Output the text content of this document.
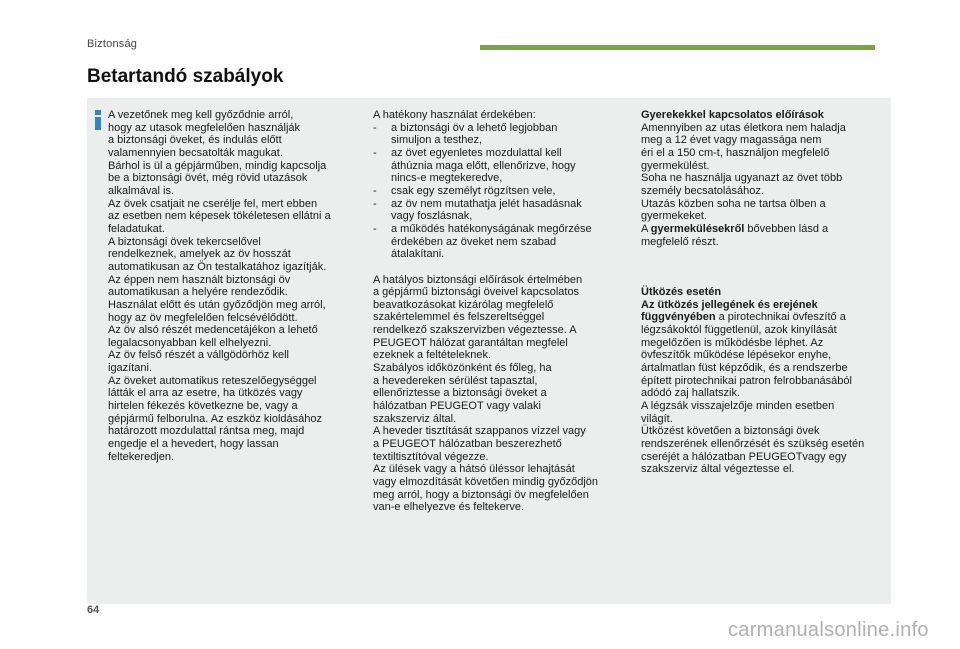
Biztonság
Betartandó szabályok
A vezetőnek meg kell győződnie arról,
hogy az utasok megfelelően használják
a biztonsági öveket, és indulás előtt
valamennyien becsatolták magukat.
Bárhol is ül a gépjárműben, mindig kapcsolja
be a biztonsági övét, még rövid utazások
alkalmával is.
Az övek csatjait ne cserélje fel, mert ebben
az esetben nem képesek tökéletesen ellátni a
feladatukat.
A biztonsági övek tekercselővel
rendelkeznek, amelyek az öv hosszát
automatikusan az Ön testalkatához igazítják.
Az éppen nem használt biztonsági öv
automatikusan a helyére rendeződik.
Használat előtt és után győződjön meg arról,
hogy az öv megfelelően felcsévélődött.
Az öv alsó részét medencetájékon a lehető
legalacsonyabban kell elhelyezni.
Az öv felső részét a vállgödörhöz kell
igazítani.
Az öveket automatikus reteszelőegységgel
látták el arra az esetre, ha ütközés vagy
hirtelen fékezés következne be, vagy a
gépjármű felborulna. Az eszköz kioldásához
határozott mozdulattal rántsa meg, majd
engedje el a hevedert, hogy lassan
feltekeredjen.
A hatékony használat érdekében:
- a biztonsági öv a lehető legjobban
simuljon a testhez,
- az övet egyenletes mozdulattal kell
áthúznia maga előtt, ellenőrizve, hogy
nincs-e megtekeredve,
- csak egy személyt rögzítsen vele,
- az öv nem mutathatja jelét hasadásnak
vagy foszlásnak,
- a működés hatékonyságának megőrzése
érdekében az öveket nem szabad
átalakítani.
A hatályos biztonsági előírások értelmében
a gépjármű biztonsági öveivel kapcsolatos
beavatkozásokat kizárólag megfelelő
szakértelemmel és felszereltséggel
rendelkező szakszervizben végeztesse. A
PEUGEOT hálózat garantáltan megfelel
ezeknek a feltételeknek.
Szabályos időközönként és főleg, ha
a hevedereken sérülést tapasztal,
ellenőriztesse a biztonsági öveket a
hálózatban PEUGEOT vagy valaki
szakszerviz által.
A heveder tisztítását szappanos vízzel vagy
a PEUGEOT hálózatban beszerezhető
textiltisztítóval végezze.
Az ülések vagy a hátsó üléssor lehajtását
vagy elmozdítását követően mindig győződjön
meg arról, hogy a biztonsági öv megfelelően
van-e elhelyezve és feltekerve.
Gyerekekkel kapcsolatos előírások
Amennyiben az utas életkora nem haladja
meg a 12 évet vagy magassága nem
éri el a 150 cm-t, használjon megfelelő
gyermekülést.
Soha ne használja ugyanazt az övet több
személy becsatolásához.
Utazás közben soha ne tartsa ölben a
gyermekeket.
A gyermekülésekről bővebben lásd a
megfelelő részt.
Ütközés esetén
Az ütközés jellegének és erejének
függvényében a pirotechnikai övfeszítő a
légzsákoktól függetlenül, azok kinyílását
megelőzően is működésbe léphet. Az
övfeszítők működése lépésekor enyhe,
ártalmatlan füst képződik, és a rendszerbe
épített pirotechnikai patron felrobbanásából
adódó zaj hallatszik.
A légzsák visszajelzője minden esetben
világít.
Ütközést követően a biztonsági övek
rendszerének ellenőrzését és szükség esetén
cseréjét a hálózatban PEUGEOTvagy egy
szakszerviz által végeztesse el.
64
carmanualsonline.info
